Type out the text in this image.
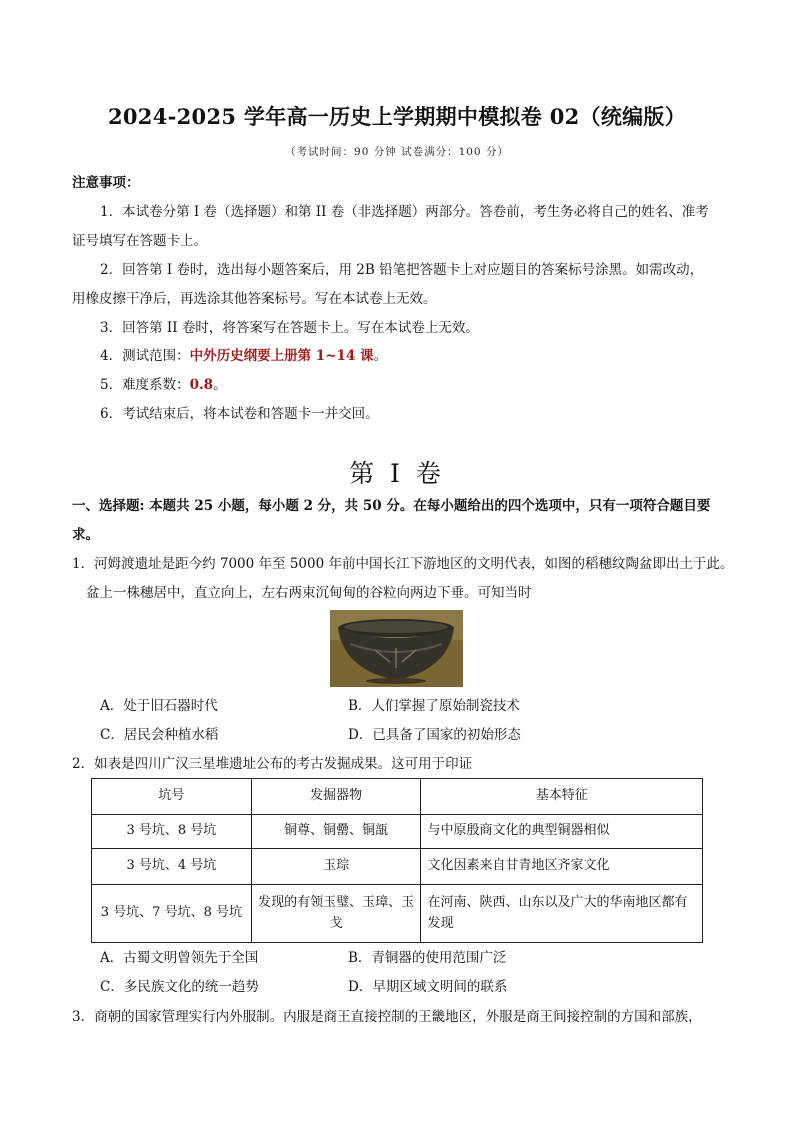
2024-2025 学年高一历史上学期期中模拟卷 02（统编版）
（考试时间：90 分钟 试卷满分：100 分）
注意事项：
1．本试卷分第 I 卷（选择题）和第 II 卷（非选择题）两部分。答卷前，考生务必将自己的姓名、准考
证号填写在答题卡上。
2．回答第 I 卷时，选出每小题答案后，用 2B 铅笔把答题卡上对应题目的答案标号涂黑。如需改动，
用橡皮擦干净后，再选涂其他答案标号。写在本试卷上无效。
3．回答第 II 卷时，将答案写在答题卡上。写在本试卷上无效。
4．测试范围：中外历史纲要上册第 1~14 课。
5．难度系数：0.8。
6．考试结束后，将本试卷和答题卡一并交回。
第 I 卷
一、选择题: 本题共 25 小题，每小题 2 分，共 50 分。在每小题给出的四个选项中，只有一项符合题目要
求。
1．河姆渡遗址是距今约 7000 年至 5000 年前中国长江下游地区的文明代表，如图的稻穗纹陶盆即出土于此。
盆上一株穗居中，直立向上，左右两束沉甸甸的谷粒向两边下垂。可知当时
A．处于旧石器时代	B．人们掌握了原始制瓷技术
C．居民会种植水稻	D．已具备了国家的初始形态
2．如表是四川广汉三星堆遗址公布的考古发掘成果。这可用于印证
坑号	发掘器物	基本特征
3 号坑、8 号坑	铜尊、铜罍、铜瓿	与中原殷商文化的典型铜器相似
3 号坑、4 号坑	玉琮	文化因素来自甘青地区齐家文化
3 号坑、7 号坑、8 号坑	发现的有领玉璧、玉璋、玉戈	在河南、陕西、山东以及广大的华南地区都有发现
A．古蜀文明曾领先于全国	B．青铜器的使用范围广泛
C．多民族文化的统一趋势	D．早期区域文明间的联系
3．商朝的国家管理实行内外服制。内服是商王直接控制的王畿地区，外服是商王间接控制的方国和部族，
